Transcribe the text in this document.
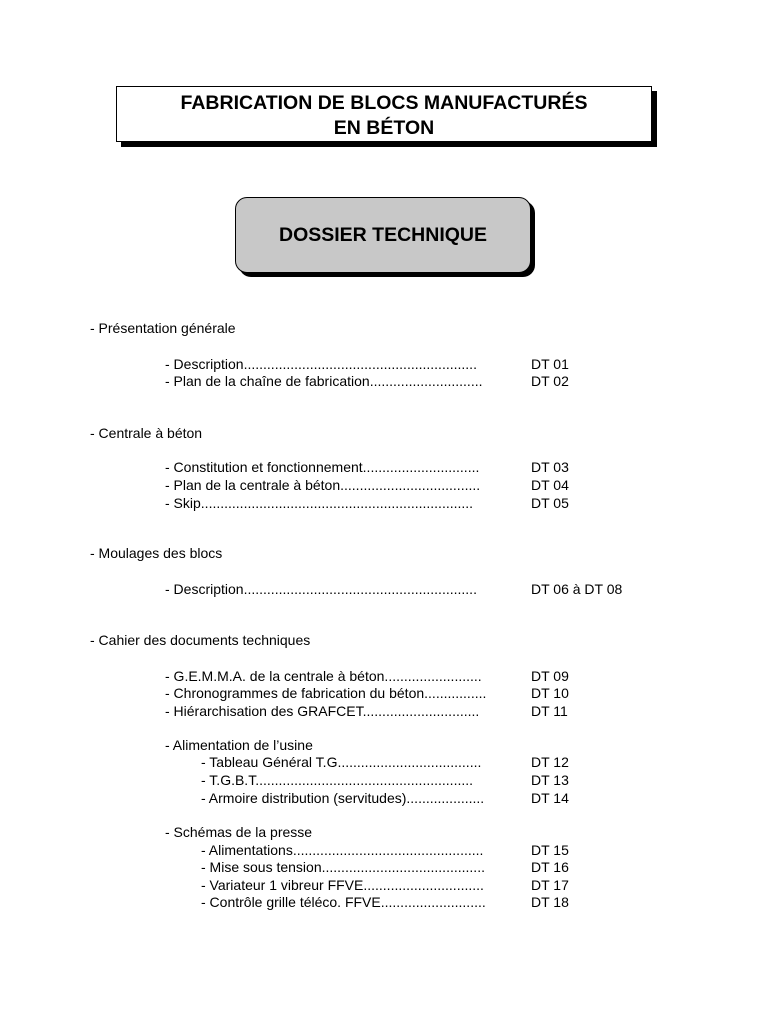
FABRICATION DE BLOCS MANUFACTURÉS
EN BÉTON
DOSSIER TECHNIQUE
- Présentation générale
- Centrale à béton
- Moulages des blocs
- Cahier des documents techniques
- Description............................................................	DT 01
- Plan de la chaîne de fabrication.............................	DT 02
- Constitution et fonctionnement..............................	DT 03
- Plan de la centrale à béton....................................	DT 04
- Skip......................................................................	DT 05
- Description............................................................	DT 06 à DT 08
- G.E.M.M.A. de la centrale à béton.........................	DT 09
- Chronogrammes de fabrication du béton................	DT 10
- Hiérarchisation des GRAFCET..............................	DT 11
- Alimentation de l’usine
- Tableau Général T.G.....................................	DT 12
- T.G.B.T........................................................	DT 13
- Armoire distribution (servitudes)....................	DT 14
- Schémas de la presse
- Alimentations.................................................	DT 15
- Mise sous tension..........................................	DT 16
- Variateur 1 vibreur FFVE...............................	DT 17
- Contrôle grille téléco. FFVE...........................	DT 18
